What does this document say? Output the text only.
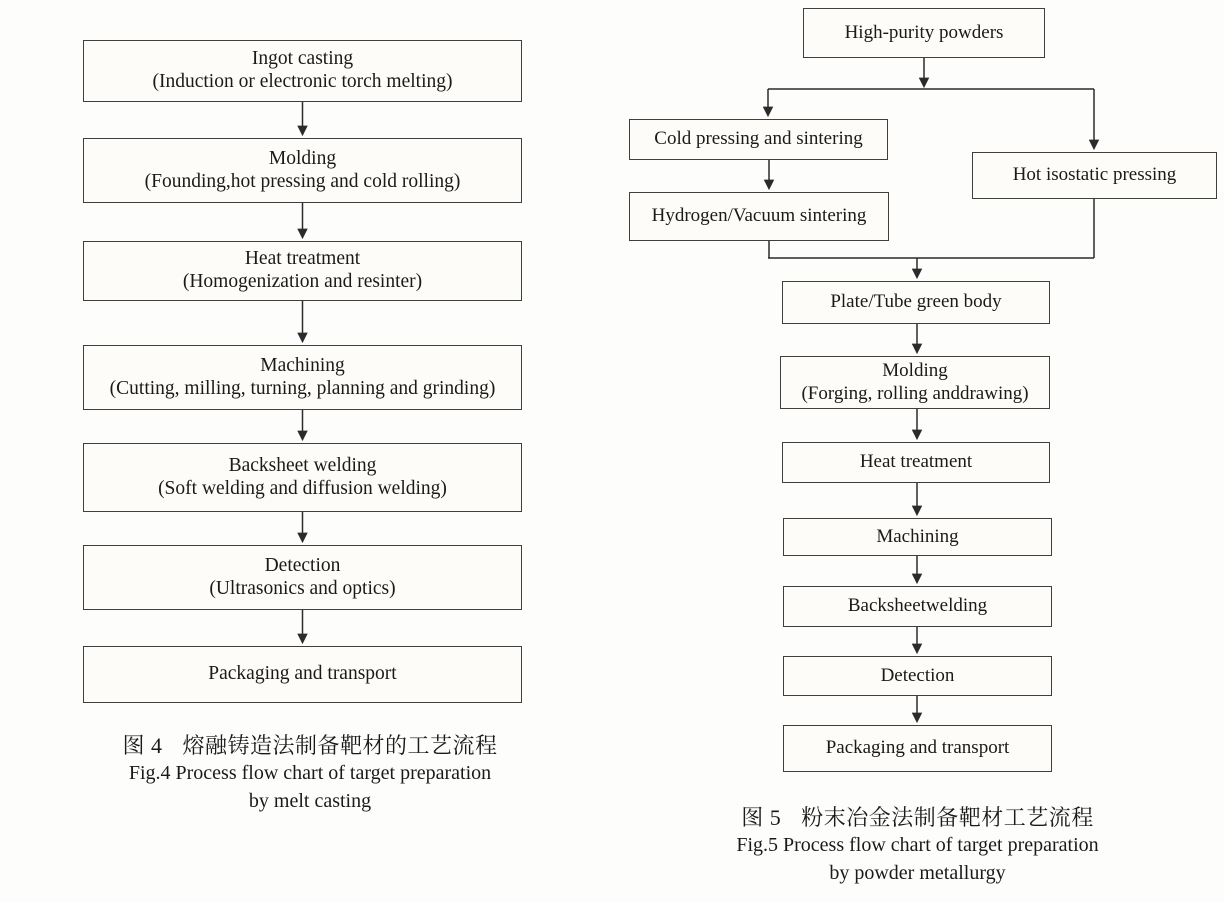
Ingot casting
(Induction or electronic torch melting)
Molding
(Founding,hot pressing and cold rolling)
Heat treatment
(Homogenization and resinter)
Machining
(Cutting, milling, turning, planning and grinding)
Backsheet welding
(Soft welding and diffusion welding)
Detection
(Ultrasonics and optics)
Packaging and transport
图 4 熔融铸造法制备靶材的工艺流程
Fig.4 Process flow chart of target preparation
by melt casting
High-purity powders
Cold pressing and sintering
Hydrogen/Vacuum sintering
Hot isostatic pressing
Plate/Tube green body
Molding
(Forging, rolling anddrawing)
Heat treatment
Machining
Backsheetwelding
Detection
Packaging and transport
图 5 粉末冶金法制备靶材工艺流程
Fig.5 Process flow chart of target preparation
by powder metallurgy
